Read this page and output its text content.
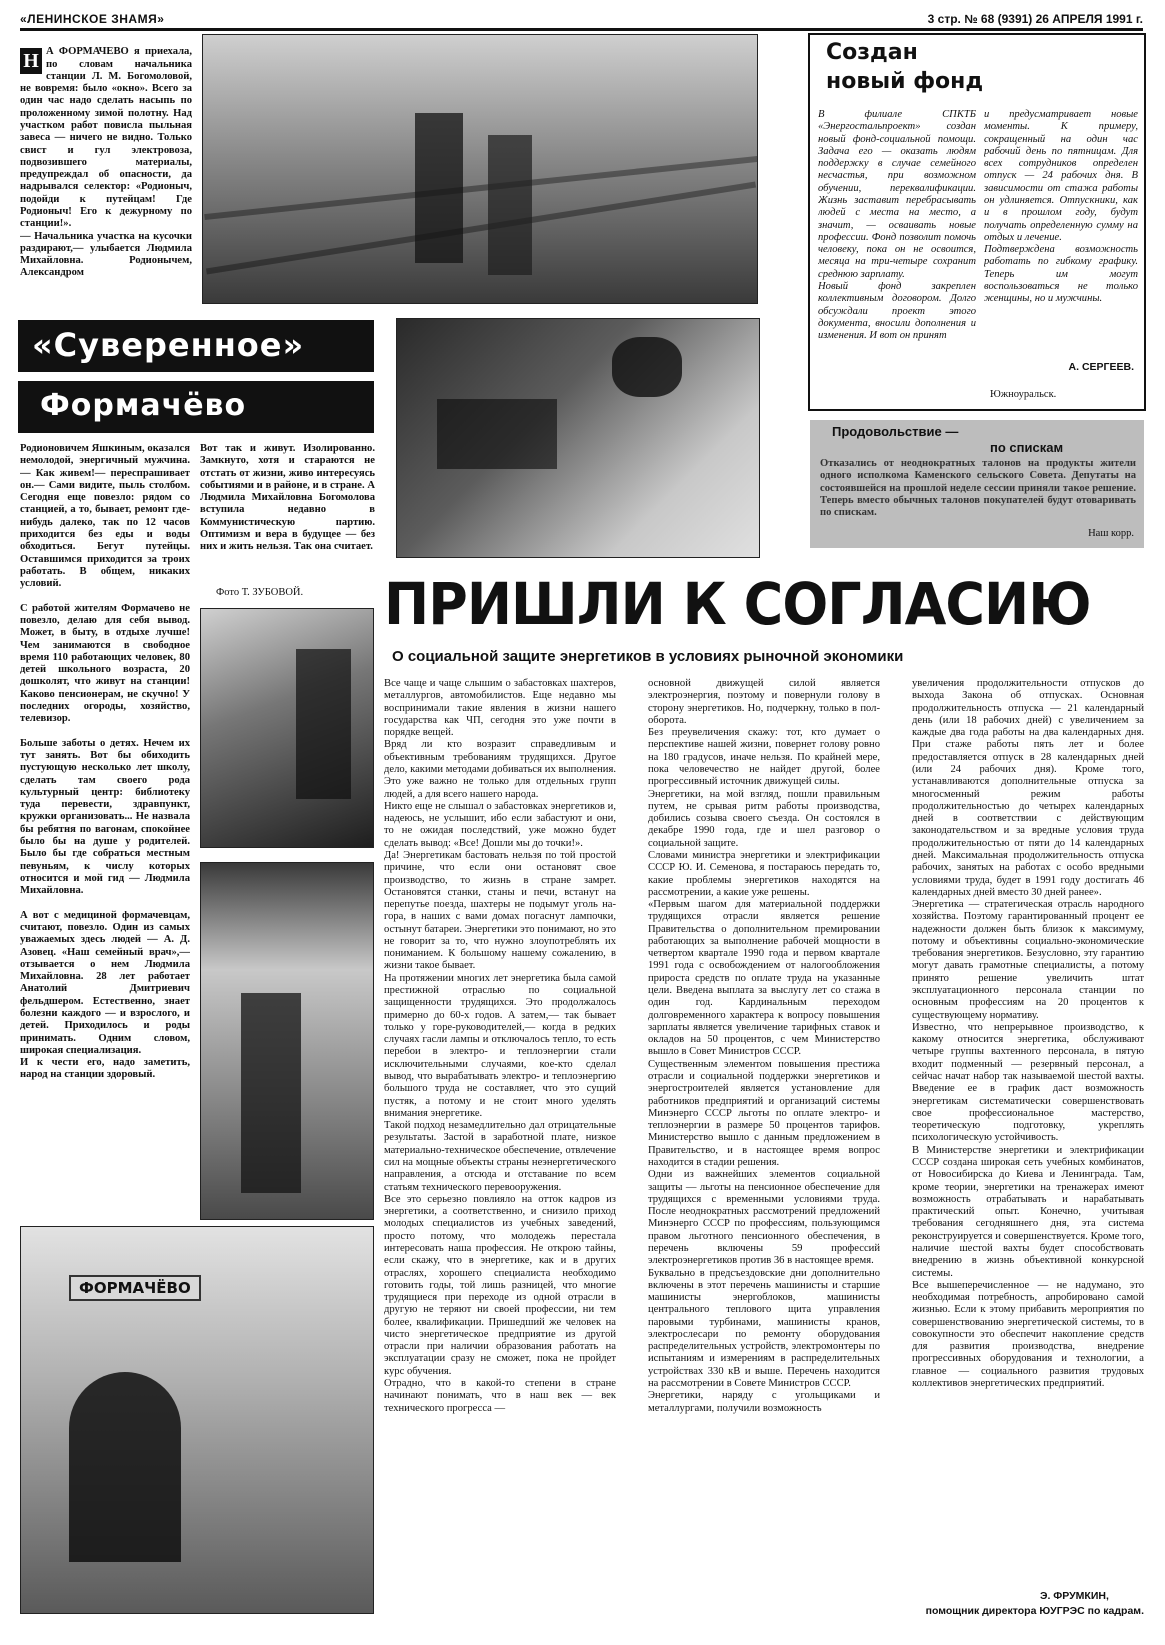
«ЛЕНИНСКОЕ ЗНАМЯ»	3 стр. № 68 (9391) 26 АПРЕЛЯ 1991 г.

Н А ФОРМАЧЕВО я приехала, по словам начальника станции Л. М. Богомоловой, не вовремя: было «окно». Всего за один час надо сделать насыпь по проложенному зимой полотну. Над участком работ повисла пыльная завеса — ничего не видно. Только свист и гул электровоза, подвозившего материалы, предупреждал об опасности, да надрывался селектор: «Родионыч, подойди к путейцам! Где Родионыч! Его к дежурному по станции!».
— Начальника участка на кусочки раздирают,— улыбается Людмила Михайловна. Родионычем, Александром

«Суверенное»
Формачёво
Родионовичем Яшкиным, оказался немолодой, энергичный мужчина.— Как живем!— переспрашивает он.— Сами видите, пыль столбом. Сегодня еще повезло: рядом со станцией, а то, бывает, ремонт где-нибудь далеко, так по 12 часов приходится без еды и воды обходиться. Бегут путейцы. Оставшимся приходится за троих работать. В общем, никаких условий.

С работой жителям Формачево не повезло, делаю для себя вывод. Может, в быту, в отдыхе лучше! Чем занимаются в свободное время 110 работающих человек, 80 детей школьного возраста, 20 дошколят, что живут на станции! Каково пенсионерам, не скучно! У последних огороды, хозяйство, телевизор.

Больше заботы о детях. Нечем их тут занять. Вот бы обиходить пустующую несколько лет школу, сделать там своего рода культурный центр: библиотеку туда перевести, здравпункт, кружки организовать... Не назвала бы ребятня по вагонам, спокойнее было бы на душе у родителей. Было бы где собраться местным певуньям, к числу которых относится и мой гид — Людмила Михайловна.

А вот с медициной формачевцам, считают, повезло. Один из самых уважаемых здесь людей — А. Д. Азовец. «Наш семейный врач»,— отзывается о нем Людмила Михайловна. 28 лет работает Анатолий Дмитриевич фельдшером. Естественно, знает болезни каждого — и взрослого, и детей. Приходилось и роды принимать. Одним словом, широкая специализация.
И к чести его, надо заметить, народ на станции здоровый.
Вот так и живут. Изолированно. Замкнуто, хотя и стараются не отстать от жизни, живо интересуясь событиями и в районе, и в стране. А Людмила Михайловна Богомолова вступила недавно в Коммунистическую партию. Оптимизм и вера в будущее — без них и жить нельзя. Так она считает.
Фото Т. ЗУБОВОЙ.
ФОРМАЧЁВО
Создан
новый фонд
В филиале СПКТБ «Энергостальпроект» создан новый фонд-социальной помощи. Задача его — оказать людям поддержку в случае семейного несчастья, при возможном обучении, переквалификации. Жизнь заставит перебрасывать людей с места на место, а значит, — осваивать новые профессии. Фонд позволит помочь человеку, пока он не освоится, месяца на три-четыре сохранит среднюю зарплату.
Новый фонд закреплен коллективным договором. Долго обсуждали проект этого документа, вносили дополнения и изменения. И вот он принят
и предусматривает новые моменты. К примеру, сокращенный на один час рабочий день по пятницам. Для всех сотрудников определен отпуск — 24 рабочих дня. В зависимости от стажа работы он удлиняется. Отпускники, как и в прошлом году, будут получать определенную сумму на отдых и лечение.
Подтверждена возможность работать по гибкому графику. Теперь им могут воспользоваться не только женщины, но и мужчины.
А. СЕРГЕЕВ.
Южноуральск.
Продовольствие —
по спискам
Отказались от неоднократных талонов на продукты жители одного исполкома Каменского сельского Совета. Депутаты на состоявшейся на прошлой неделе сессии приняли такое решение. Теперь вместо обычных талонов покупателей будут отоваривать по спискам.
Наш корр.
ПРИШЛИ К СОГЛАСИЮ
О социальной защите энергетиков в условиях рыночной экономики
Все чаще и чаще слышим о забастовках шахтеров, металлургов, автомобилистов. Еще недавно мы воспринимали такие явления в жизни нашего государства как ЧП, сегодня это уже почти в порядке вещей.
Вряд ли кто возразит справедливым и объективным требованиям трудящихся. Другое дело, какими методами добиваться их выполнения. Это уже важно не только для отдельных групп людей, а для всего нашего народа.
Никто еще не слышал о забастовках энергетиков и, надеюсь, не услышит, ибо если забастуют и они, то не ожидая последствий, уже можно будет сделать вывод: «Все! Дошли мы до точки!».
Да! Энергетикам бастовать нельзя по той простой причине, что если они остановят свое производство, то жизнь в стране замрет. Остановятся станки, станы и печи, встанут на перепутье поезда, шахтеры не подымут уголь на-гора, в наших с вами домах погаснут лампочки, остынут батареи. Энергетики это понимают, но это не говорит за то, что нужно злоупотреблять их пониманием. К большому нашему сожалению, в жизни такое бывает.
На протяжении многих лет энергетика была самой престижной отраслью по социальной защищенности трудящихся. Это продолжалось примерно до 60-х годов. А затем,— так бывает только у горе-руководителей,— когда в редких случаях гасли лампы и отключалось тепло, то есть перебои в электро- и теплоэнергии стали исключительными случаями, кое-кто сделал вывод, что вырабатывать электро- и теплоэнергию большого труда не составляет, что это сущий пустяк, а потому и не стоит много уделять внимания энергетике.
Такой подход незамедлительно дал отрицательные результаты. Застой в заработной плате, низкое материально-техническое обеспечение, отвлечение сил на мощные объекты страны неэнергетического направления, а отсюда и отставание по всем статьям технического перевооружения.
Все это серьезно повлияло на отток кадров из энергетики, а соответственно, и снизило приход молодых специалистов из учебных заведений, просто потому, что молодежь перестала интересовать наша профессия. Не открою тайны, если скажу, что в энергетике, как и в других отраслях, хорошего специалиста необходимо готовить годы, той лишь разницей, что многие трудящиеся при переходе из одной отрасли в другую не теряют ни своей профессии, ни тем более, квалификации. Пришедший же человек на чисто энергетическое предприятие из другой отрасли при наличии образования работать на эксплуатации сразу не сможет, пока не пройдет курс обучения.
Отрадно, что в какой-то степени в стране начинают понимать, что в наш век — век технического прогресса —
основной движущей силой является электроэнергия, поэтому и повернули голову в сторону энергетиков. Но, подчеркну, только в пол-оборота.
Без преувеличения скажу: тот, кто думает о перспективе нашей жизни, повернет голову ровно на 180 градусов, иначе нельзя. По крайней мере, пока человечество не найдет другой, более прогрессивный источник движущей силы.
Энергетики, на мой взгляд, пошли правильным путем, не срывая ритм работы производства, добились созыва своего съезда. Он состоялся в декабре 1990 года, где и шел разговор о социальной защите.
Словами министра энергетики и электрификации СССР Ю. И. Семенова, я постараюсь передать то, какие проблемы энергетиков находятся на рассмотрении, а какие уже решены.
«Первым шагом для материальной поддержки трудящихся отрасли является решение Правительства о дополнительном премировании работающих за выполнение рабочей мощности в четвертом квартале 1990 года и первом квартале 1991 года с освобождением от налогообложения прироста средств по оплате труда на указанные цели. Введена выплата за выслугу лет со стажа в один год. Кардинальным переходом долговременного характера к вопросу повышения зарплаты является увеличение тарифных ставок и окладов на 50 процентов, с чем Министерство вышло в Совет Министров СССР.
Существенным элементом повышения престижа отрасли и социальной поддержки энергетиков и энергостроителей является установление для работников предприятий и организаций системы Минэнерго СССР льготы по оплате электро- и теплоэнергии в размере 50 процентов тарифов. Министерство вышло с данным предложением в Правительство, и в настоящее время вопрос находится в стадии решения.
Одни из важнейших элементов социальной защиты — льготы на пенсионное обеспечение для трудящихся с временными условиями труда. После неоднократных рассмотрений предложений Минэнерго СССР по профессиям, пользующимся правом льготного пенсионного обеспечения, в перечень включены 59 профессий электроэнергетиков против 36 в настоящее время.
Буквально в предсъездовские дни дополнительно включены в этот перечень машинисты и старшие машинисты энергоблоков, машинисты центрального теплового щита управления паровыми турбинами, машинисты кранов, электрослесари по ремонту оборудования распределительных устройств, электромонтеры по испытаниям и измерениям в распределительных устройствах 330 кВ и выше. Перечень находится на рассмотрении в Совете Министров СССР.
Энергетики, наряду с угольщиками и металлургами, получили возможность
увеличения продолжительности отпусков до выхода Закона об отпусках. Основная продолжительность отпуска — 21 календарный день (или 18 рабочих дней) с увеличением за каждые два года работы на два календарных дня. При стаже работы пять лет и более предоставляется отпуск в 28 календарных дней (или 24 рабочих дня). Кроме того, устанавливаются дополнительные отпуска за многосменный режим работы продолжительностью до четырех календарных дней в соответствии с действующим законодательством и за вредные условия труда продолжительностью от пяти до 14 календарных дней. Максимальная продолжительность отпуска рабочих, занятых на работах с особо вредными условиями труда, будет в 1991 году достигать 46 календарных дней вместо 30 дней ранее».
Энергетика — стратегическая отрасль народного хозяйства. Поэтому гарантированный процент ее надежности должен быть близок к максимуму, потому и объективны социально-экономические требования энергетиков. Безусловно, эту гарантию могут давать грамотные специалисты, а потому принято решение увеличить штат эксплуатационного персонала станции по основным профессиям на 20 процентов к существующему нормативу.
Известно, что непрерывное производство, к какому относится энергетика, обслуживают четыре группы вахтенного персонала, в пятую входит подменный — резервный персонал, а сейчас начат набор так называемой шестой вахты. Введение ее в график даст возможность энергетикам систематически совершенствовать свое профессиональное мастерство, теоретическую подготовку, укреплять психологическую устойчивость.
В Министерстве энергетики и электрификации СССР создана широкая сеть учебных комбинатов, от Новосибирска до Киева и Ленинграда. Там, кроме теории, энергетики на тренажерах имеют возможность отрабатывать и нарабатывать практический опыт. Конечно, учитывая требования сегодняшнего дня, эта система реконструируется и совершенствуется. Кроме того, наличие шестой вахты будет способствовать внедрению в жизнь объективной конкурсной системы.
Все вышеперечисленное — не надумано, это необходимая потребность, апробировано самой жизнью. Если к этому прибавить мероприятия по совершенствованию энергетической системы, то в совокупности это обеспечит накопление средств для развития производства, внедрение прогрессивных оборудования и технологии, а главное — социального развития трудовых коллективов энергетических предприятий.
Э. ФРУМКИН,
помощник директора ЮУГРЭС по кадрам.
